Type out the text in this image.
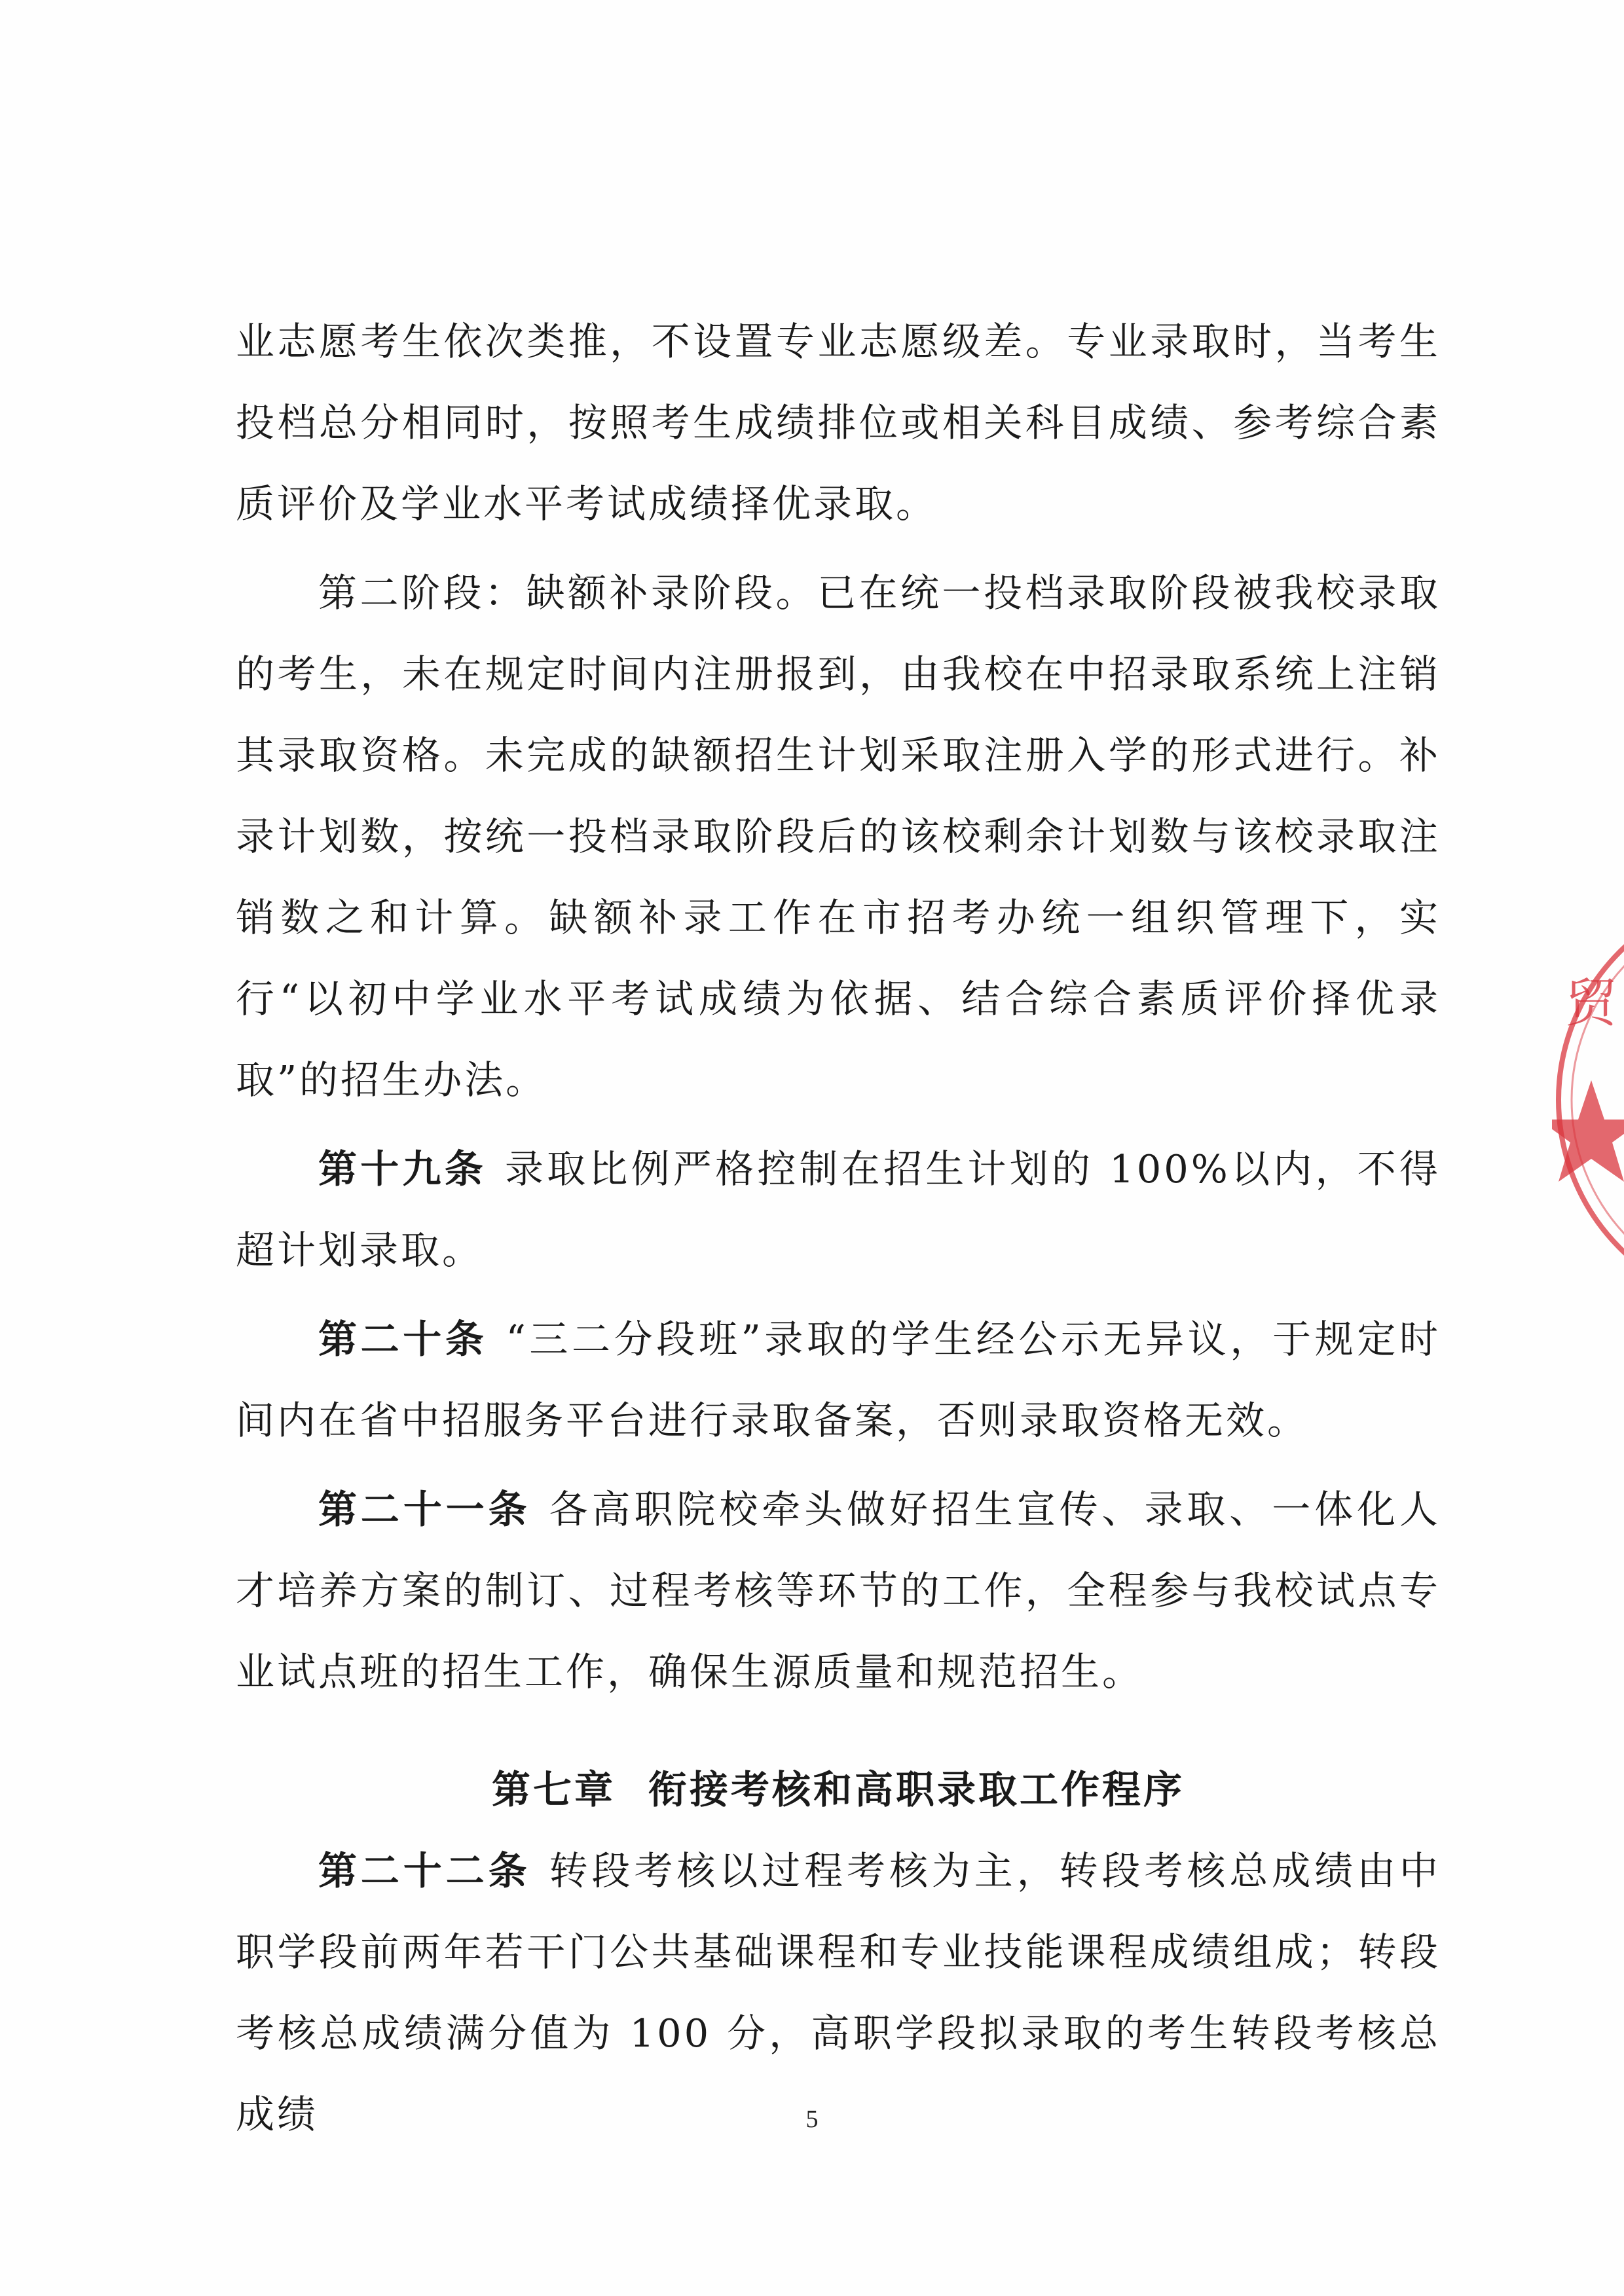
业志愿考生依次类推，不设置专业志愿级差。专业录取时，当考生投档总分相同时，按照考生成绩排位或相关科目成绩、参考综合素质评价及学业水平考试成绩择优录取。

第二阶段：缺额补录阶段。已在统一投档录取阶段被我校录取的考生，未在规定时间内注册报到，由我校在中招录取系统上注销其录取资格。未完成的缺额招生计划采取注册入学的形式进行。补录计划数，按统一投档录取阶段后的该校剩余计划数与该校录取注销数之和计算。缺额补录工作在市招考办统一组织管理下，实行“以初中学业水平考试成绩为依据、结合综合素质评价择优录取”的招生办法。

第十九条 录取比例严格控制在招生计划的 100%以内，不得超计划录取。

第二十条 “三二分段班”录取的学生经公示无异议，于规定时间内在省中招服务平台进行录取备案，否则录取资格无效。

第二十一条 各高职院校牵头做好招生宣传、录取、一体化人才培养方案的制订、过程考核等环节的工作，全程参与我校试点专业试点班的招生工作，确保生源质量和规范招生。

第七章 衔接考核和高职录取工作程序

第二十二条 转段考核以过程考核为主，转段考核总成绩由中职学段前两年若干门公共基础课程和专业技能课程成绩组成；转段考核总成绩满分值为 100 分，高职学段拟录取的考生转段考核总成绩	5
贸
